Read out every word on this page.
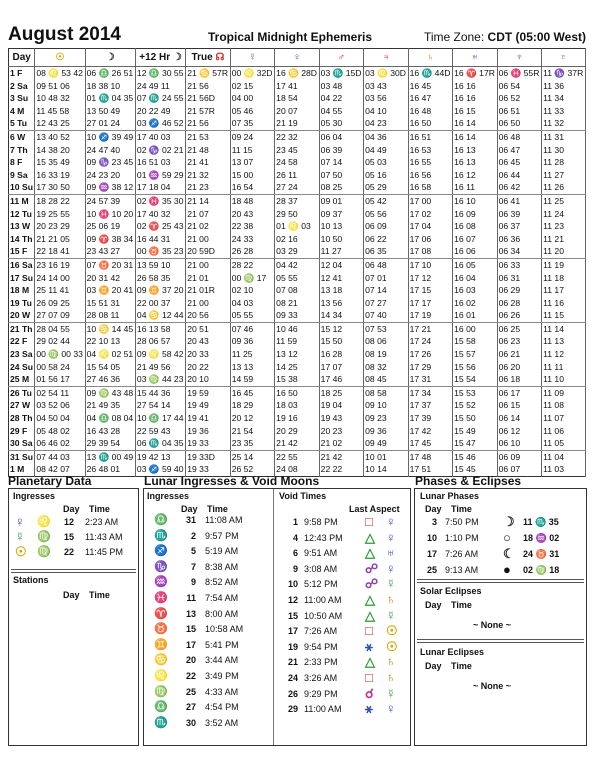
August 2014	Tropical Midnight Ephemeris	Time Zone: CDT (05:00 West)
Day	☉	☽	+12 Hr ☽	True ☊	☿	♀	♂	♃	♄	♅	♆	♇
1 F	08 ♌ 53 42	06 ♎ 26 51	12 ♎ 30 55	21 ♋ 57R	00 ♌ 32D	16 ♋ 28D	03 ♏ 15D	03 ♌ 30D	16 ♏ 44D	16 ♈ 17R	06 ♓ 55R	11 ♑ 37R
2 Sa	09 51 06	18 38 10	24 49 11	21 56	02 15	17 41	03 48	03 43	16 45	16 16	06 54	11 36
3 Su	10 48 32	01 ♏ 04 35	07 ♏ 24 55	21 56D	04 00	18 54	04 22	03 56	16 47	16 16	06 52	11 34
4 M	11 45 58	13 50 49	20 22 49	21 57R	05 46	20 07	04 55	04 10	16 48	16 15	06 51	11 33
5 Tu	12 43 25	27 01 24	03 ♐ 46 52	21 56	07 35	21 19	05 30	04 23	16 50	16 14	06 50	11 32
6 W	13 40 52	10 ♐ 39 49	17 40 03	21 53	09 24	22 32	06 04	04 36	16 51	16 14	06 48	11 31
7 Th	14 38 20	24 47 40	02 ♑ 02 21	21 48	11 15	23 45	06 39	04 49	16 53	16 13	06 47	11 30
8 F	15 35 49	09 ♑ 23 45	16 51 03	21 41	13 07	24 58	07 14	05 03	16 55	16 13	06 45	11 28
9 Sa	16 33 19	24 23 20	01 ♒ 59 29	21 32	15 00	26 11	07 50	05 16	16 56	16 12	06 44	11 27
10 Su	17 30 50	09 ♒ 38 12	17 18 04	21 23	16 54	27 24	08 25	05 29	16 58	16 11	06 42	11 26
11 M	18 28 22	24 57 39	02 ♓ 35 30	21 14	18 48	28 37	09 01	05 42	17 00	16 10	06 41	11 25
12 Tu	19 25 55	10 ♓ 10 20	17 40 32	21 07	20 43	29 50	09 37	05 56	17 02	16 09	06 39	11 24
13 W	20 23 29	25 06 19	02 ♈ 25 43	21 02	22 38	01 ♌ 03	10 13	06 09	17 04	16 08	06 37	11 23
14 Th	21 21 05	09 ♈ 38 34	16 44 31	21 00	24 33	02 16	10 50	06 22	17 06	16 07	06 36	11 21
15 F	22 18 41	23 43 27	00 ♉ 35 23	20 59D	26 28	03 29	11 27	06 35	17 08	16 06	06 34	11 20
16 Sa	23 16 19	07 ♉ 20 31	13 59 10	21 00	28 22	04 42	12 04	06 48	17 10	16 05	06 33	11 19
17 Su	24 14 00	20 31 42	26 58 35	21 01	00 ♍ 17	05 55	12 41	07 01	17 12	16 04	06 31	11 18
18 M	25 11 41	03 ♊ 20 41	09 ♊ 37 20	21 01R	02 10	07 08	13 18	07 14	17 15	16 03	06 29	11 17
19 Tu	26 09 25	15 51 31	22 00 37	21 00	04 03	08 21	13 56	07 27	17 17	16 02	06 28	11 16
20 W	27 07 09	28 08 11	04 ♋ 12 44	20 56	05 55	09 33	14 34	07 40	17 19	16 01	06 26	11 15
21 Th	28 04 55	10 ♋ 14 45	16 13 58	20 51	07 46	10 46	15 12	07 53	17 21	16 00	06 25	11 14
22 F	29 02 44	22 10 13	28 06 57	20 43	09 36	11 59	15 50	08 06	17 24	15 58	06 23	11 13
23 Sa	00 ♍ 00 33	04 ♌ 02 51	09 ♌ 58 42	20 33	11 25	13 12	16 28	08 19	17 26	15 57	06 21	11 12
24 Su	00 58 24	15 54 05	21 49 56	20 22	13 13	14 25	17 07	08 32	17 29	15 56	06 20	11 11
25 M	01 56 17	27 46 36	03 ♍ 44 23	20 10	14 59	15 38	17 46	08 45	17 31	15 54	06 18	11 10
26 Tu	02 54 11	09 ♍ 43 48	15 44 36	19 59	16 45	16 50	18 25	08 58	17 34	15 53	06 17	11 09
27 W	03 52 06	21 49 35	27 54 14	19 49	18 29	18 03	19 04	09 10	17 37	15 52	06 15	11 08
28 Th	04 50 04	04 ♎ 08 04	10 ♎ 17 44	19 41	20 12	19 16	19 43	09 23	17 39	15 50	06 14	11 07
29 F	05 48 02	16 43 28	22 59 43	19 36	21 54	20 29	20 23	09 36	17 42	15 49	06 12	11 06
30 Sa	06 46 02	29 39 54	06 ♏ 04 35	19 33	23 35	21 42	21 02	09 49	17 45	15 47	06 10	11 05
31 Su	07 44 03	13 ♏ 00 49	19 42 13	19 33D	25 14	22 55	21 42	10 01	17 48	15 46	06 09	11 04
1 M	08 42 07	26 48 01	03 ♐ 59 40	19 33	26 52	24 08	22 22	10 14	17 51	15 45	06 07	11 03
Planetary Data
Ingresses
Day Time
♀ ♌ 12 2:23 AM
☿ ♍ 15 11:43 AM
☉ ♍ 22 11:45 PM
Stations
Day Time
Lunar Ingresses & Void Moons
Ingresses
Day Time
Void Times
Last Aspect
♎	31 11:08 AM
♏	2 9:57 PM
♐	5 5:19 AM
♑	7 8:38 AM
♒	9 8:52 AM
♓	11 7:54 AM
♈	13 8:00 AM
♉	15 10:58 AM
♊	17 5:41 PM
♋	20 3:44 AM
♌	22 3:49 PM
♍	25 4:33 AM
♎	27 4:54 PM
♏	30 3:52 AM
1 9:58 PM □ ♀
4 12:43 PM △ ♀
6 9:51 AM △ ♅
9 3:08 AM ☍ ♀
10 5:12 PM ☍ ☿
12 11:00 AM △ ♄
15 10:50 AM △ ☿
17 7:26 AM □ ☉
19 9:54 PM ⚹ ☉
21 2:33 PM △ ♄
24 3:26 AM □ ♄
26 9:29 PM ☌ ☿
29 11:00 AM ⚹ ♀
Phases & Eclipses
Lunar Phases
Day Time
3 7:50 PM ☽ 11 ♏ 35
10 1:10 PM ○ 18 ♒ 02
17 7:26 AM ☾ 24 ♉ 31
25 9:13 AM ● 02 ♍ 18
Solar Eclipses
Day Time
~ None ~
Lunar Eclipses
Day Time
~ None ~
